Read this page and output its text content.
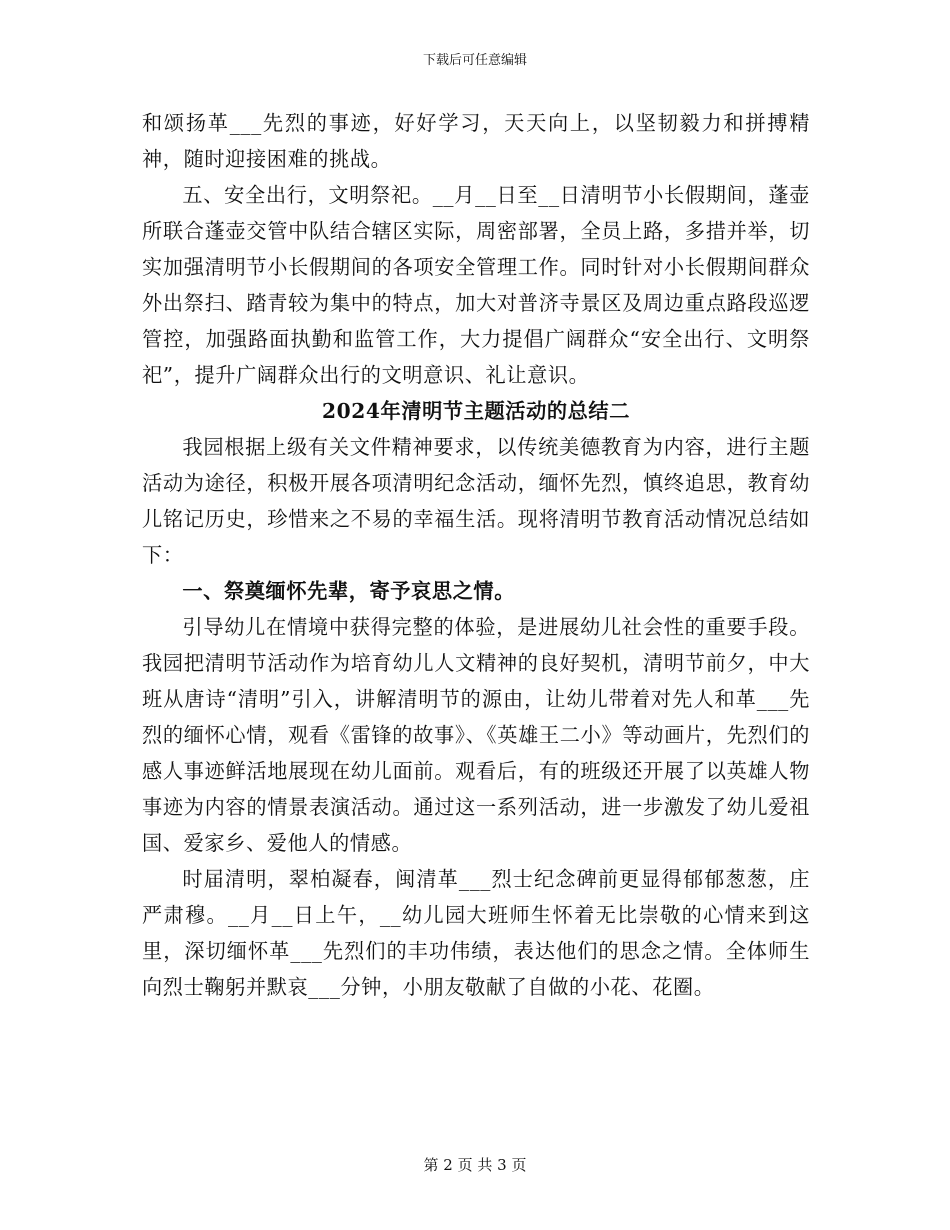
下载后可任意编辑

和颂扬革___先烈的事迹，好好学习，天天向上，以坚韧毅力和拼搏精神，随时迎接困难的挑战。

五、安全出行，文明祭祀。__月__日至__日清明节小长假期间，蓬壶所联合蓬壶交管中队结合辖区实际，周密部署，全员上路，多措并举，切实加强清明节小长假期间的各项安全管理工作。同时针对小长假期间群众外出祭扫、踏青较为集中的特点，加大对普济寺景区及周边重点路段巡逻管控，加强路面执勤和监管工作，大力提倡广阔群众“安全出行、文明祭祀”，提升广阔群众出行的文明意识、礼让意识。

2024年清明节主题活动的总结二

我园根据上级有关文件精神要求，以传统美德教育为内容，进行主题活动为途径，积极开展各项清明纪念活动，缅怀先烈，慎终追思，教育幼儿铭记历史，珍惜来之不易的幸福生活。现将清明节教育活动情况总结如下：

一、祭奠缅怀先辈，寄予哀思之情。

引导幼儿在情境中获得完整的体验，是进展幼儿社会性的重要手段。我园把清明节活动作为培育幼儿人文精神的良好契机，清明节前夕，中大班从唐诗“清明”引入，讲解清明节的源由，让幼儿带着对先人和革___先烈的缅怀心情，观看《雷锋的故事》、《英雄王二小》等动画片，先烈们的感人事迹鲜活地展现在幼儿面前。观看后，有的班级还开展了以英雄人物事迹为内容的情景表演活动。通过这一系列活动，进一步激发了幼儿爱祖国、爱家乡、爱他人的情感。

时届清明，翠柏凝春，闽清革___烈士纪念碑前更显得郁郁葱葱，庄严肃穆。__月__日上午，__幼儿园大班师生怀着无比崇敬的心情来到这里，深切缅怀革___先烈们的丰功伟绩，表达他们的思念之情。全体师生向烈士鞠躬并默哀___分钟，小朋友敬献了自做的小花、花圈。

第 2 页 共 3 页
